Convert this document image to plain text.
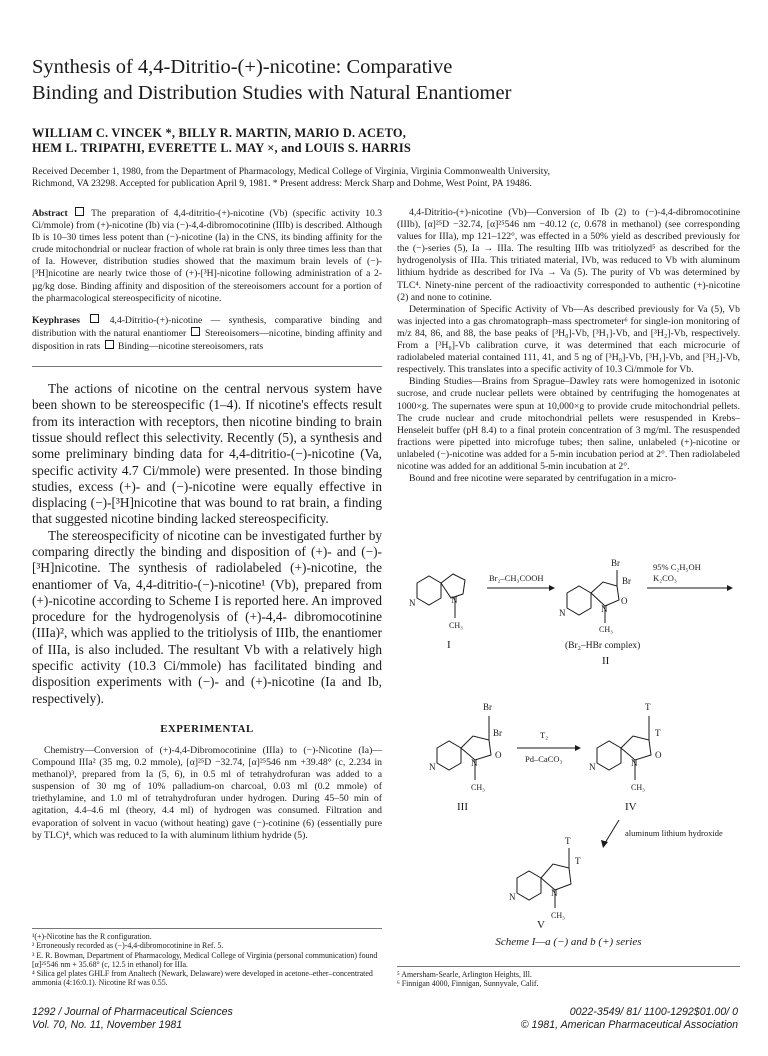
Synthesis of 4,4-Ditritio-(+)-nicotine: Comparative
Binding and Distribution Studies with Natural Enantiomer
WILLIAM C. VINCEK *, BILLY R. MARTIN, MARIO D. ACETO,
HEM L. TRIPATHI, EVERETTE L. MAY ×, and LOUIS S. HARRIS
Received December 1, 1980, from the Department of Pharmacology, Medical College of Virginia, Virginia Commonwealth University,
Richmond, VA 23298. Accepted for publication April 9, 1981. * Present address: Merck Sharp and Dohme, West Point, PA 19486.

Abstract The preparation of 4,4-ditritio-(+)-nicotine (Vb) (specific activity 10.3 Ci/mmole) from (+)-nicotine (Ib) via (−)-4,4-dibromocotinine (IIIb) is described. Although Ib is 10–30 times less potent than (−)-nicotine (Ia) in the CNS, its binding affinity for the crude mitochondrial or nuclear fraction of whole rat brain is only three times less than that of Ia. However, distribution studies showed that the maximum brain levels of (−)-[³H]nicotine are nearly twice those of (+)-[³H]-nicotine following administration of a 2-µg/kg dose. Binding affinity and disposition of the stereoisomers account for a portion of the pharmacological stereospecificity of nicotine.

Keyphrases	4,4-Ditritio-(+)-nicotine — synthesis, comparative binding and distribution with the natural enantiomer Stereoisomers—nicotine, binding affinity and disposition in rats Binding—nicotine stereoisomers, rats

The actions of nicotine on the central nervous system have been shown to be stereospecific (1–4). If nicotine's effects result from its interaction with receptors, then nicotine binding to brain tissue should reflect this selectivity. Recently (5), a synthesis and some preliminary binding data for 4,4-ditritio-(−)-nicotine (Va, specific activity 4.7 Ci/mmole) were presented. In those binding studies, excess (+)- and (−)-nicotine were equally effective in displacing (−)-[³H]nicotine that was bound to rat brain, a finding that suggested nicotine binding lacked stereospecificity.

The stereospecificity of nicotine can be investigated further by comparing directly the binding and disposition of (+)- and (−)-[³H]nicotine. The synthesis of radiolabeled (+)-nicotine, the enantiomer of Va, 4,4-ditritio-(−)-nicotine¹ (Vb), prepared from (+)-nicotine according to Scheme I is reported here. An improved procedure for the hydrogenolysis of (+)-4,4- dibromocotinine (IIIa)², which was applied to the tritiolysis of IIIb, the enantiomer of IIIa, is also included. The resultant Vb with a relatively high specific activity (10.3 Ci/mmole) has facilitated binding and disposition experiments with (−)- and (+)-nicotine (Ia and Ib, respectively).

EXPERIMENTAL

Chemistry—Conversion of (+)-4,4-Dibromocotinine (IIIa) to (−)-Nicotine (Ia)—Compound IIIa² (35 mg, 0.2 mmole), [α]²⁵D −32.74, [α]²⁵546 nm +39.48° (c, 2.234 in methanol)³, prepared from Ia (5, 6), in 0.5 ml of tetrahydrofuran was added to a suspension of 30 mg of 10% palladium-on charcoal, 0.03 ml (0.2 mmole) of triethylamine, and 1.0 ml of tetrahydrofuran under hydrogen. During 45–50 min of agitation, 4.4–4.6 ml (theory, 4.4 ml) of hydrogen was consumed. Filtration and evaporation of solvent in vacuo (without heating) gave (−)-cotinine (6) (essentially pure by TLC)⁴, which was reduced to Ia with aluminum lithium hydride (5).

4,4-Ditritio-(+)-nicotine (Vb)—Conversion of Ib (2) to (−)-4,4-dibromocotinine (IIIb), [α]²⁵D −32.74, [α]²⁵546 nm −40.12 (c, 0.678 in methanol) (see corresponding values for IIIa), mp 121–122°, was effected in a 50% yield as described previously for the (−)-series (5), Ia → IIIa. The resulting IIIb was tritiolyzed⁵ as described for the hydrogenolysis of IIIa. This tritiated material, IVb, was reduced to Vb with aluminum lithium hydride as described for IVa → Va (5). The purity of Vb was determined by TLC⁴. Ninety-nine percent of the radioactivity corresponded to authentic (+)-nicotine (2) and none to cotinine.

Determination of Specific Activity of Vb—As described previously for Va (5), Vb was injected into a gas chromatograph–mass spectrometer⁶ for single-ion monitoring of m/z 84, 86, and 88, the base peaks of [³H₀]-Vb, [³H₁]-Vb, and [³H₂]-Vb, respectively. From a [³H₀]-Vb calibration curve, it was determined that each microcurie of radiolabeled material contained 111, 41, and 5 ng of [³H₀]-Vb, [³H₁]-Vb, and [³H₂]-Vb, respectively. This translates into a specific activity of 10.3 Ci/mmole for Vb.

Binding Studies—Brains from Sprague–Dawley rats were homogenized in isotonic sucrose, and crude nuclear pellets were obtained by centrifuging the homogenates at 1000×g. The supernates were spun at 10,000×g to provide crude mitochondrial pellets. The crude nuclear and crude mitochondrial pellets were resuspended in Krebs–Henseleit buffer (pH 8.4) to a final protein concentration of 3 mg/ml. The resuspended fractions were pipetted into microfuge tubes; then saline, unlabeled (+)-nicotine or unlabeled (−)-nicotine was added for a 5-min incubation period at 2°. Then radiolabeled nicotine was added for an additional 5-min incubation at 2°.

Bound and free nicotine were separated by centrifugation in a micro-

N	N
CH₃
I
Br₂–CH₃COOH
Br
Br
O
N	N
CH₃
(Br₂–HBr complex)
II
95% C₂H₅OH
K₂CO₃
Br
Br
O
N	N
CH₃
III
T₂
Pd–CaCO₃
T
T
O
N	N
CH₃
IV
aluminum lithium hydroxide
T
T
N	N
CH₃
V
Scheme I—a (−) and b (+) series
¹(+)-Nicotine has the R configuration.
² Erroneously recorded as (−)-4,4-dibromocotinine in Ref. 5.
³ E. R. Bowman, Department of Pharmacology, Medical College of Virginia (personal communication) found [α]²⁵546 nm + 35.68° (c, 12.5 in ethanol) for IIIa.
⁴ Silica gel plates GHLF from Analtech (Newark, Delaware) were developed in acetone–ether–concentrated ammonia (4:16:0.1). Nicotine Rf was 0.55.
⁵ Amersham-Searle, Arlington Heights, Ill.
⁶ Finnigan 4000, Finnigan, Sunnyvale, Calif.
1292 / Journal of Pharmaceutical Sciences
Vol. 70, No. 11, November 1981
0022-3549/ 81/ 1100-1292$01.00/ 0
© 1981, American Pharmaceutical Association
